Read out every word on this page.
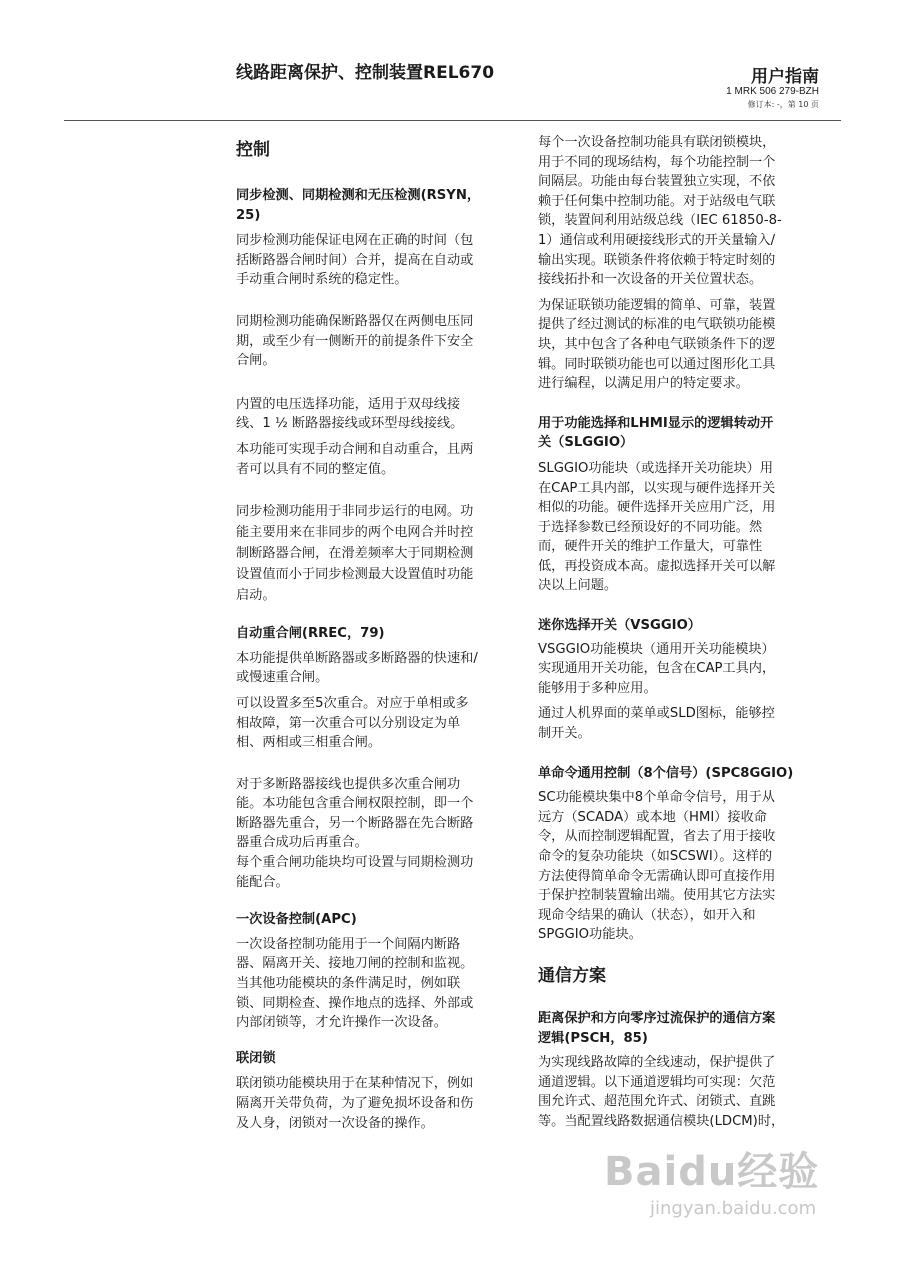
线路距离保护、控制装置REL670	用户指南
1 MRK 506 279-BZH
修订本: -，第 10 页
控制
同步检测、同期检测和无压检测(RSYN，
25)

同步检测功能保证电网在正确的时间（包
括断路器合闸时间）合并，提高在自动或
手动重合闸时系统的稳定性。

同期检测功能确保断路器仅在两侧电压同
期，或至少有一侧断开的前提条件下安全
合闸。

内置的电压选择功能，适用于双母线接
线、1 ½ 断路器接线或环型母线接线。

本功能可实现手动合闸和自动重合，且两
者可以具有不同的整定值。

同步检测功能用于非同步运行的电网。功
能主要用来在非同步的两个电网合并时控
制断路器合闸，在滑差频率大于同期检测
设置值而小于同步检测最大设置值时功能
启动。

自动重合闸(RREC，79)

本功能提供单断路器或多断路器的快速和/
或慢速重合闸。

可以设置多至5次重合。对应于单相或多
相故障，第一次重合可以分别设定为单
相、两相或三相重合闸。

对于多断路器接线也提供多次重合闸功
能。本功能包含重合闸权限控制，即一个
断路器先重合，另一个断路器在先合断路
器重合成功后再重合。
每个重合闸功能块均可设置与同期检测功
能配合。

一次设备控制(APC)

一次设备控制功能用于一个间隔内断路
器、隔离开关、接地刀闸的控制和监视。
当其他功能模块的条件满足时，例如联
锁、同期检查、操作地点的选择、外部或
内部闭锁等，才允许操作一次设备。

联闭锁

联闭锁功能模块用于在某种情况下，例如
隔离开关带负荷，为了避免损坏设备和伤
及人身，闭锁对一次设备的操作。

每个一次设备控制功能具有联闭锁模块，
用于不同的现场结构，每个功能控制一个
间隔层。功能由每台装置独立实现，不依
赖于任何集中控制功能。对于站级电气联
锁，装置间利用站级总线（IEC 61850-8-
1）通信或利用硬接线形式的开关量输入/
输出实现。联锁条件将依赖于特定时刻的
接线拓扑和一次设备的开关位置状态。

为保证联锁功能逻辑的简单、可靠，装置
提供了经过测试的标准的电气联锁功能模
块，其中包含了各种电气联锁条件下的逻
辑。同时联锁功能也可以通过图形化工具
进行编程，以满足用户的特定要求。

用于功能选择和LHMI显示的逻辑转动开
关（SLGGIO）

SLGGIO功能块（或选择开关功能块）用
在CAP工具内部，以实现与硬件选择开关
相似的功能。硬件选择开关应用广泛，用
于选择参数已经预设好的不同功能。然
而，硬件开关的维护工作量大，可靠性
低，再投资成本高。虚拟选择开关可以解
决以上问题。

迷你选择开关（VSGGIO）

VSGGIO功能模块（通用开关功能模块）
实现通用开关功能，包含在CAP工具内，
能够用于多种应用。

通过人机界面的菜单或SLD图标，能够控
制开关。

单命令通用控制（8个信号）(SPC8GGIO)

SC功能模块集中8个单命令信号，用于从
远方（SCADA）或本地（HMI）接收命
令，从而控制逻辑配置，省去了用于接收
命令的复杂功能块（如SCSWI）。这样的
方法使得简单命令无需确认即可直接作用
于保护控制装置输出端。使用其它方法实
现命令结果的确认（状态），如开入和
SPGGIO功能块。

通信方案
距离保护和方向零序过流保护的通信方案
逻辑(PSCH，85)

为实现线路故障的全线速动，保护提供了
通道逻辑。以下通道逻辑均可实现：欠范
围允许式、超范围允许式、闭锁式、直跳
等。当配置线路数据通信模块(LDCM)时，

Baidu经验
jingyan.baidu.com
